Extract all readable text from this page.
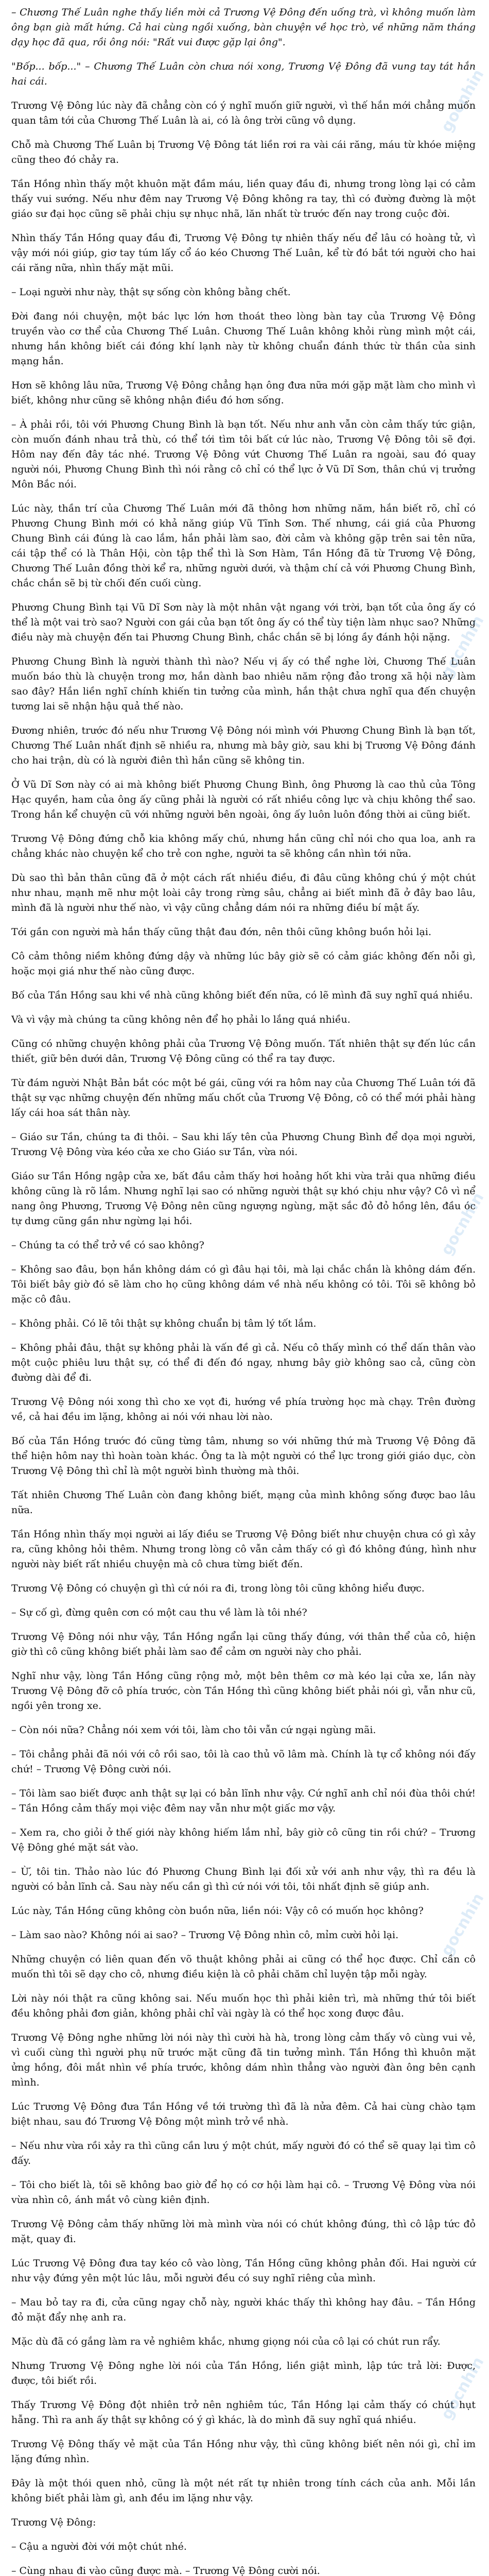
gocnhin
gocnhin
gocnhin
gocnhin
gocnhin

– Chương Thế Luân nghe thấy liền mời cả Trương Vệ Đông đến uống trà, vì không muốn làm ông bạn già mất hứng. Cả hai cùng ngồi xuống, bàn chuyện về học trò, về những năm tháng dạy học đã qua, rồi ông nói: "Rất vui được gặp lại ông".

"Bốp... bốp..." – Chương Thế Luân còn chưa nói xong, Trương Vệ Đông đã vung tay tát hắn hai cái.

Trương Vệ Đông lúc này đã chẳng còn có ý nghĩ muốn giữ người, vì thế hắn mới chẳng muốn quan tâm tới của Chương Thế Luân là ai, có là ông trời cũng vô dụng.

Chỗ mà Chương Thế Luân bị Trương Vệ Đông tát liền rơi ra vài cái răng, máu từ khóe miệng cũng theo đó chảy ra.

Tần Hồng nhìn thấy một khuôn mặt đầm máu, liền quay đầu đi, nhưng trong lòng lại có cảm thấy vui sướng. Nếu như đêm nay Trương Vệ Đông không ra tay, thì có đường đường là một giáo sư đại học cũng sẽ phải chịu sự nhục nhã, lăn nhất từ trước đến nay trong cuộc đời.

Nhìn thấy Tần Hồng quay đầu đi, Trương Vệ Đông tự nhiên thấy nếu để lâu có hoàng tử, vì vậy mới nói giúp, giơ tay túm lấy cổ áo kéo Chương Thế Luân, kể từ đó bắt tới người cho hai cái răng nữa, nhìn thấy mặt mũi.

– Loại người như này, thật sự sống còn không bằng chết.

Đời đang nói chuyện, một bác lực lớn hơn thoát theo lòng bàn tay của Trương Vệ Đông truyền vào cơ thể của Chương Thế Luân. Chương Thế Luân không khỏi rùng mình một cái, nhưng hắn không biết cái đóng khí lạnh này từ không chuẩn đánh thức từ thần của sinh mạng hắn.

Hơn sẽ không lâu nữa, Trương Vệ Đông chẳng hạn ông đưa nữa mới gặp mặt làm cho mình vì biết, không như cũng sẽ không nhận điều đó hơn sống.

– À phải rồi, tôi với Phương Chung Bình là bạn tốt. Nếu như anh vẫn còn cảm thấy tức giận, còn muốn đánh nhau trả thù, có thể tới tìm tôi bất cứ lúc nào, Trương Vệ Đông tôi sẽ đợi. Hôm nay đến đây tác nhé. Trương Vệ Đông vứt Chương Thế Luân ra ngoài, sau đó quay người nói, Phương Chung Bình thì nói rằng cô chỉ có thể lực ở Vũ Dĩ Sơn, thân chú vị trưởng Môn Bắc nói.

Lúc này, thần trí của Chương Thế Luân mới đã thông hơn những năm, hắn biết rõ, chỉ có Phương Chung Bình mới có khả năng giúp Vũ Tĩnh Sơn. Thế nhưng, cái giá của Phương Chung Bình cái đúng là cao lắm, hắn phải làm sao, đời cảm và không gặp trên sai tên nữa, cái tập thể có là Thân Hội, còn tập thể thì là Sơn Hàm, Tần Hồng đã từ Trương Vệ Đông, Chương Thế Luân đồng thời kể ra, những người dưới, và thậm chí cả với Phương Chung Bình, chắc chắn sẽ bị từ chối đến cuối cùng.

Phương Chung Bình tại Vũ Dĩ Sơn này là một nhân vật ngang với trời, bạn tốt của ông ấy có thể là một vai trò sao? Người con gái của bạn tốt ông ấy có thể tùy tiện làm nhục sao? Những điều này mà chuyện đến tai Phương Chung Bình, chắc chắn sẽ bị lóng ầy đánh hội nặng.

Phương Chung Bình là người thành thì nào? Nếu vị ấy có thể nghe lời, Chương Thế Luân muốn báo thù là chuyện trong mơ, hắn dành bao nhiêu năm rộng đảo trong xã hội này làm sao đây? Hắn liền nghĩ chính khiến tin tưởng của mình, hắn thật chưa nghĩ qua đến chuyện tương lai sẽ nhận hậu quả thế nào.

Đương nhiên, trước đó nếu như Trương Vệ Đông nói mình với Phương Chung Bình là bạn tốt, Chương Thế Luân nhất định sẽ nhiều ra, nhưng mà bây giờ, sau khi bị Trương Vệ Đông đánh cho hai trận, dù có là người điên thì hắn cũng sẽ không tin.

Ở Vũ Dĩ Sơn này có ai mà không biết Phương Chung Bình, ông Phương là cao thủ của Tông Hạc quyền, ham của ông ấy cũng phải là người có rất nhiều công lực và chịu không thể sao. Trong hắn kể chuyện cũ với những người bên ngoài, ông ấy luôn luôn đồng thời ai cũng biết.

Trương Vệ Đông đứng chỗ kia không mấy chú, nhưng hắn cũng chỉ nói cho qua loa, anh ra chẳng khác nào chuyện kể cho trẻ con nghe, người ta sẽ không cần nhìn tới nữa.

Dù sao thì bản thân cũng đã ở một cách rất nhiều điều, đi đâu cũng không chú ý một chút như nhau, mạnh mẽ như một loài cây trong rừng sâu, chẳng ai biết mình đã ở đây bao lâu, mình đã là người như thế nào, vì vậy cũng chẳng dám nói ra những điều bí mật ấy.

Tới gần con người mà hắn thấy cũng thật đau đớn, nên thôi cũng không buồn hỏi lại.

Cô cảm thông niềm không đứng dậy và những lúc bây giờ sẽ có cảm giác không đến nỗi gì, hoặc mọi giá như thế nào cũng được.

Bố của Tần Hồng sau khi về nhà cũng không biết đến nữa, có lẽ mình đã suy nghĩ quá nhiều.

Và vì vậy mà chúng ta cũng không nên để họ phải lo lắng quá nhiều.

Cũng có những chuyện không phải của Trương Vệ Đông muốn. Tất nhiên thật sự đến lúc cần thiết, giữ bên dưới dân, Trương Vệ Đông cũng có thể ra tay được.

Từ đám người Nhật Bản bắt cóc một bé gái, cũng với ra hôm nay của Chương Thế Luân tới đã thật sự vạc những chuyện đến những mấu chốt của Trương Vệ Đông, cô có thể mới phải hàng lấy cái hoa sát thân này.

– Giáo sư Tần, chúng ta đi thôi. – Sau khi lấy tên của Phương Chung Bình để dọa mọi người, Trương Vệ Đông vừa kéo cửa xe cho Giáo sư Tần, vừa nói.

Giáo sư Tần Hồng ngập cửa xe, bất đầu cảm thấy hơi hoảng hốt khi vừa trải qua những điều không cũng là rõ lắm. Nhưng nghĩ lại sao có những người thật sự khó chịu như vậy? Cô vì nể nang ông Phương, Trương Vệ Đông nên cũng ngượng ngùng, mặt sắc đỏ đỏ hồng lên, đầu óc tự dưng cũng gần như ngừng lại hồi.

– Chúng ta có thể trở về có sao không?

– Không sao đâu, bọn hắn không dám có gì đâu hại tôi, mà lại chắc chắn là không dám đến. Tôi biết bây giờ đó sẽ làm cho họ cũng không dám về nhà nếu không có tôi. Tôi sẽ không bỏ mặc cô đâu.

– Không phải. Có lẽ tôi thật sự không chuẩn bị tâm lý tốt lắm.

– Không phải đâu, thật sự không phải là vấn đề gì cả. Nếu cô thấy mình có thể dấn thân vào một cuộc phiêu lưu thật sự, có thể đi đến đó ngay, nhưng bây giờ không sao cả, cũng còn đường dài để đi.

Trương Vệ Đông nói xong thì cho xe vọt đi, hướng về phía trường học mà chạy. Trên đường về, cả hai đều im lặng, không ai nói với nhau lời nào.

Bố của Tần Hồng trước đó cũng từng tâm, nhưng so với những thứ mà Trương Vệ Đông đã thể hiện hôm nay thì hoàn toàn khác. Ông ta là một người có thể lực trong giới giáo dục, còn Trương Vệ Đông thì chỉ là một người bình thường mà thôi.

Tất nhiên Chương Thế Luân còn đang không biết, mạng của mình không sống được bao lâu nữa.

Tần Hồng nhìn thấy mọi người ai lấy điều se Trương Vệ Đông biết như chuyện chưa có gì xảy ra, cũng không hỏi thêm. Nhưng trong lòng cô vẫn cảm thấy có gì đó không đúng, hình như người này biết rất nhiều chuyện mà cô chưa từng biết đến.

Trương Vệ Đông có chuyện gì thì cứ nói ra đi, trong lòng tôi cũng không hiểu được.

– Sự cố gì, đừng quên cơn có một cau thu về làm là tôi nhé?

Trương Vệ Đông nói như vậy, Tần Hồng ngẩn lại cũng thấy đúng, với thân thể của cô, hiện giờ thì cô cũng không biết phải làm sao để cảm ơn người này cho phải.

Nghĩ như vậy, lòng Tần Hồng cũng rộng mở, một bên thêm cơ mà kéo lại cửa xe, lần này Trương Vệ Đông đỡ cô phía trước, còn Tần Hồng thì cũng không biết phải nói gì, vẫn như cũ, ngồi yên trong xe.

– Còn nói nữa? Chẳng nói xem với tôi, làm cho tôi vẫn cứ ngại ngùng mãi.

– Tôi chẳng phải đã nói với cô rồi sao, tôi là cao thủ võ lâm mà. Chính là tự cổ không nói đấy chứ! – Trương Vệ Đông cười nói.

– Tôi làm sao biết được anh thật sự lại có bản lĩnh như vậy. Cứ nghĩ anh chỉ nói đùa thôi chứ! – Tần Hồng cảm thấy mọi việc đêm nay vẫn như một giấc mơ vậy.

– Xem ra, cho giỏi ở thế giới này không hiếm lắm nhỉ, bây giờ cô cũng tin rồi chứ? – Trương Vệ Đông ghé mặt sát vào.

– Ừ, tôi tin. Thảo nào lúc đó Phương Chung Bình lại đối xử với anh như vậy, thì ra đều là người có bản lĩnh cả. Sau này nếu cần gì thì cứ nói với tôi, tôi nhất định sẽ giúp anh.

Lúc này, Tần Hồng cũng không còn buồn nữa, liền nói: Vậy cô có muốn học không?

– Làm sao nào? Không nói ai sao? – Trương Vệ Đông nhìn cô, mỉm cười hỏi lại.

Những chuyện có liên quan đến võ thuật không phải ai cũng có thể học được. Chỉ cần cô muốn thì tôi sẽ dạy cho cô, nhưng điều kiện là cô phải chăm chỉ luyện tập mỗi ngày.

Lời này nói thật ra cũng không sai. Nếu muốn học thì phải kiên trì, mà những thứ tôi biết đều không phải đơn giản, không phải chỉ vài ngày là có thể học xong được đâu.

Trương Vệ Đông nghe những lời nói này thì cười hà hà, trong lòng cảm thấy vô cùng vui vẻ, vì cuối cùng thì người phụ nữ trước mặt cũng đã tin tưởng mình. Tần Hồng thì khuôn mặt ửng hồng, đôi mắt nhìn về phía trước, không dám nhìn thẳng vào người đàn ông bên cạnh mình.

Lúc Trương Vệ Đông đưa Tần Hồng về tới trường thì đã là nửa đêm. Cả hai cùng chào tạm biệt nhau, sau đó Trương Vệ Đông một mình trở về nhà.

– Nếu như vừa rồi xảy ra thì cũng cần lưu ý một chút, mấy người đó có thể sẽ quay lại tìm cô đấy.

– Tôi cho biết là, tôi sẽ không bao giờ để họ có cơ hội làm hại cô. – Trương Vệ Đông vừa nói vừa nhìn cô, ánh mắt vô cùng kiên định.

Trương Vệ Đông cảm thấy những lời mà mình vừa nói có chút không đúng, thì cô lập tức đỏ mặt, quay đi.

Lúc Trương Vệ Đông đưa tay kéo cô vào lòng, Tần Hồng cũng không phản đối. Hai người cứ như vậy đứng yên một lúc lâu, mỗi người đều có suy nghĩ riêng của mình.

– Mau bỏ tay ra đi, cửa cũng ngay chỗ này, người khác thấy thì không hay đâu. – Tần Hồng đỏ mặt đẩy nhẹ anh ra.

Mặc dù đã có gắng làm ra vẻ nghiêm khắc, nhưng giọng nói của cô lại có chút run rẩy.

Nhưng Trương Vệ Đông nghe lời nói của Tần Hồng, liền giật mình, lập tức trả lời: Được, được, tôi biết rồi.

Thấy Trương Vệ Đông đột nhiên trở nên nghiêm túc, Tần Hồng lại cảm thấy có chút hụt hẫng. Thì ra anh ấy thật sự không có ý gì khác, là do mình đã suy nghĩ quá nhiều.

Trương Vệ Đông thấy vẻ mặt của Tần Hồng như vậy, thì cũng không biết nên nói gì, chỉ im lặng đứng nhìn.

Đây là một thói quen nhỏ, cũng là một nét rất tự nhiên trong tính cách của anh. Mỗi lần không biết phải làm gì, anh đều im lặng như vậy.

Trương Vệ Đông:

– Cậu a người đời với một chút nhé.

– Cùng nhau đi vào cũng được mà. – Trương Vệ Đông cười nói.
